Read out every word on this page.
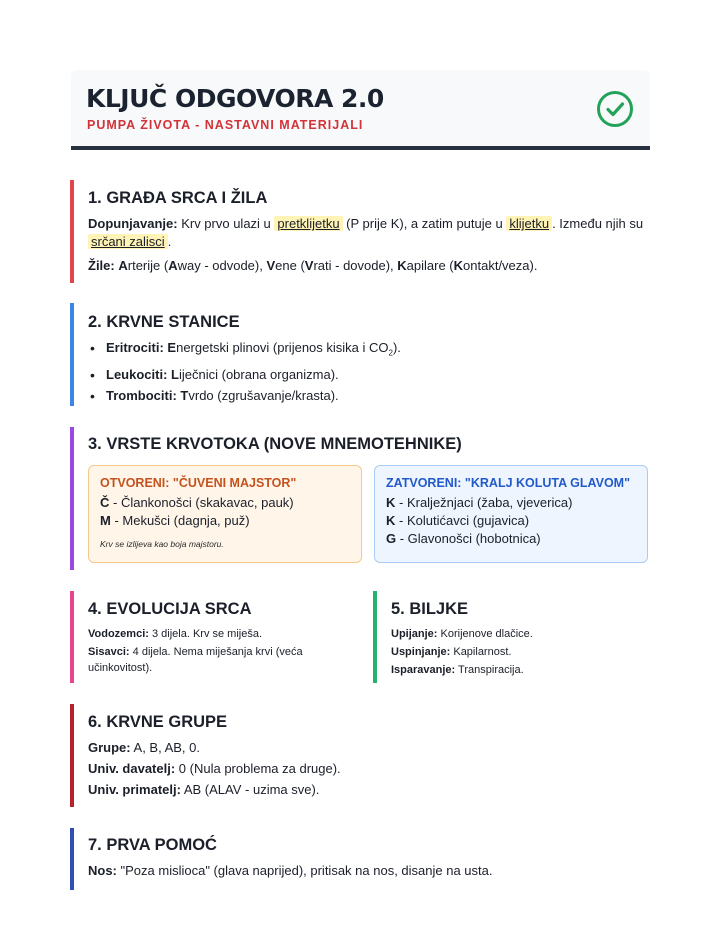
KLJUČ ODGOVORA 2.0
PUMPA ŽIVOTA - NASTAVNI MATERIJALI
1. GRAĐA SRCA I ŽILA
Dopunjavanje: Krv prvo ulazi u pretklijetku (P prije K), a zatim putuje u klijetku . Između njih su srčani zalisci .
Žile: Arterije (Away - odvode), Vene (Vrati - dovode), Kapilare (Kontakt/veza).
2. KRVNE STANICE
• Eritrociti: Energetski plinovi (prijenos kisika i $CO_2$).
• Leukociti: Liječnici (obrana organizma).
• Trombociti: Tvrdo (zgrušavanje/krasta).
3. VRSTE KRVOTOKA (NOVE MNEMOTEHNIKE)
OTVORENI: "ČUVENI MAJSTOR"
Č - Člankonošci (skakavac, pauk)
M - Mekušci (dagnja, puž)
Krv se izlijeva kao boja majstoru.
ZATVORENI: "KRALJ KOLUTA GLAVOM"
K - Kralježnjaci (žaba, vjeverica)
K - Kolutićavci (gujavica)
G - Glavonošci (hobotnica)
4. EVOLUCIJA SRCA
Vodozemci: 3 dijela. Krv se miješa.
Sisavci: 4 dijela. Nema miješanja krvi (veća učinkovitost).
5. BILJKE
Upijanje: Korijenove dlačice.
Uspinjanje: Kapilarnost.
Isparavanje: Transpiracija.
6. KRVNE GRUPE
Grupe: A, B, AB, 0.
Univ. davatelj: 0 (Nula problema za druge).
Univ. primatelj: AB (ALAV - uzima sve).
7. PRVA POMOĆ
Nos: "Poza mislioca" (glava naprijed), pritisak na nos, disanje na usta.
